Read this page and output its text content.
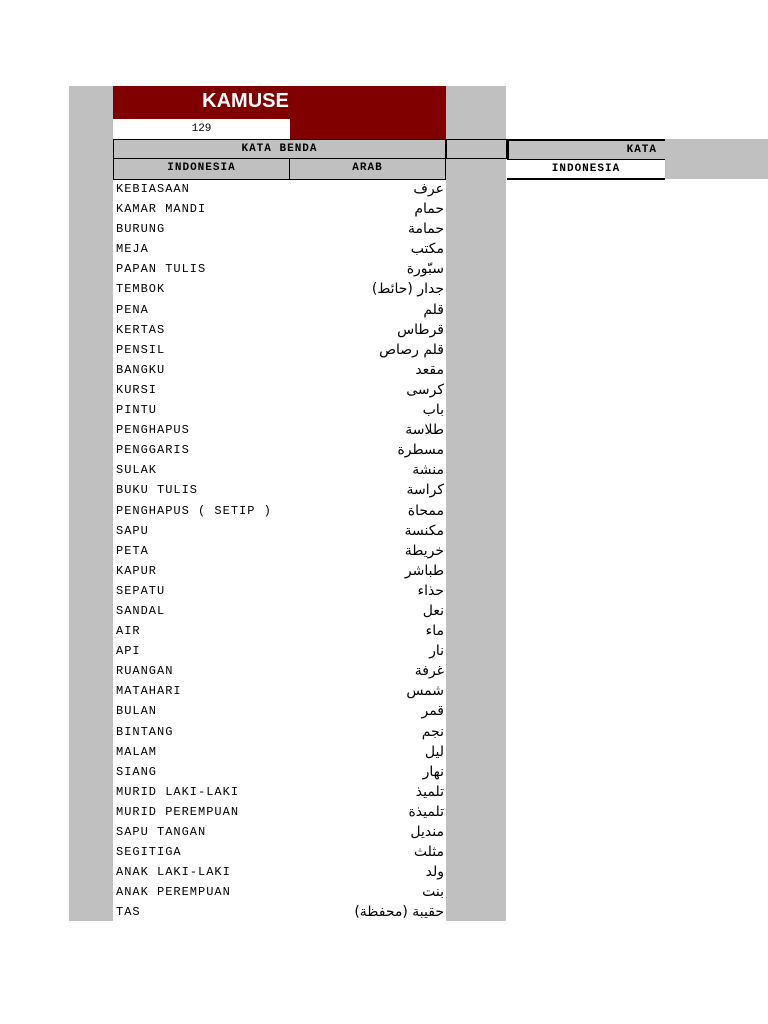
KAMUSE
129
KATA BENDA	KATA
INDONESIA	ARAB	INDONESIA
KEBIASAAN	عرف
KAMAR MANDI	حمام
BURUNG	حمامة
MEJA	مكتب
PAPAN TULIS	سبّورة
TEMBOK	جدار (حائط)
PENA	قلم
KERTAS	قرطاس
PENSIL	قلم رصاص
BANGKU	مقعد
KURSI	كرسى
PINTU	باب
PENGHAPUS	طلاسة
PENGGARIS	مسطرة
SULAK	منشة
BUKU TULIS	كراسة
PENGHAPUS ( SETIP )	ممحاة
SAPU	مكنسة
PETA	خريطة
KAPUR	طباشر
SEPATU	حذاء
SANDAL	نعل
AIR	ماء
API	نار
RUANGAN	غرفة
MATAHARI	شمس
BULAN	قمر
BINTANG	نجم
MALAM	ليل
SIANG	نهار
MURID LAKI-LAKI	تلميذ
MURID PEREMPUAN	تلميذة
SAPU TANGAN	منديل
SEGITIGA	مثلث
ANAK LAKI-LAKI	ولد
ANAK PEREMPUAN	بنت
TAS	حقيبة (محفظة)
